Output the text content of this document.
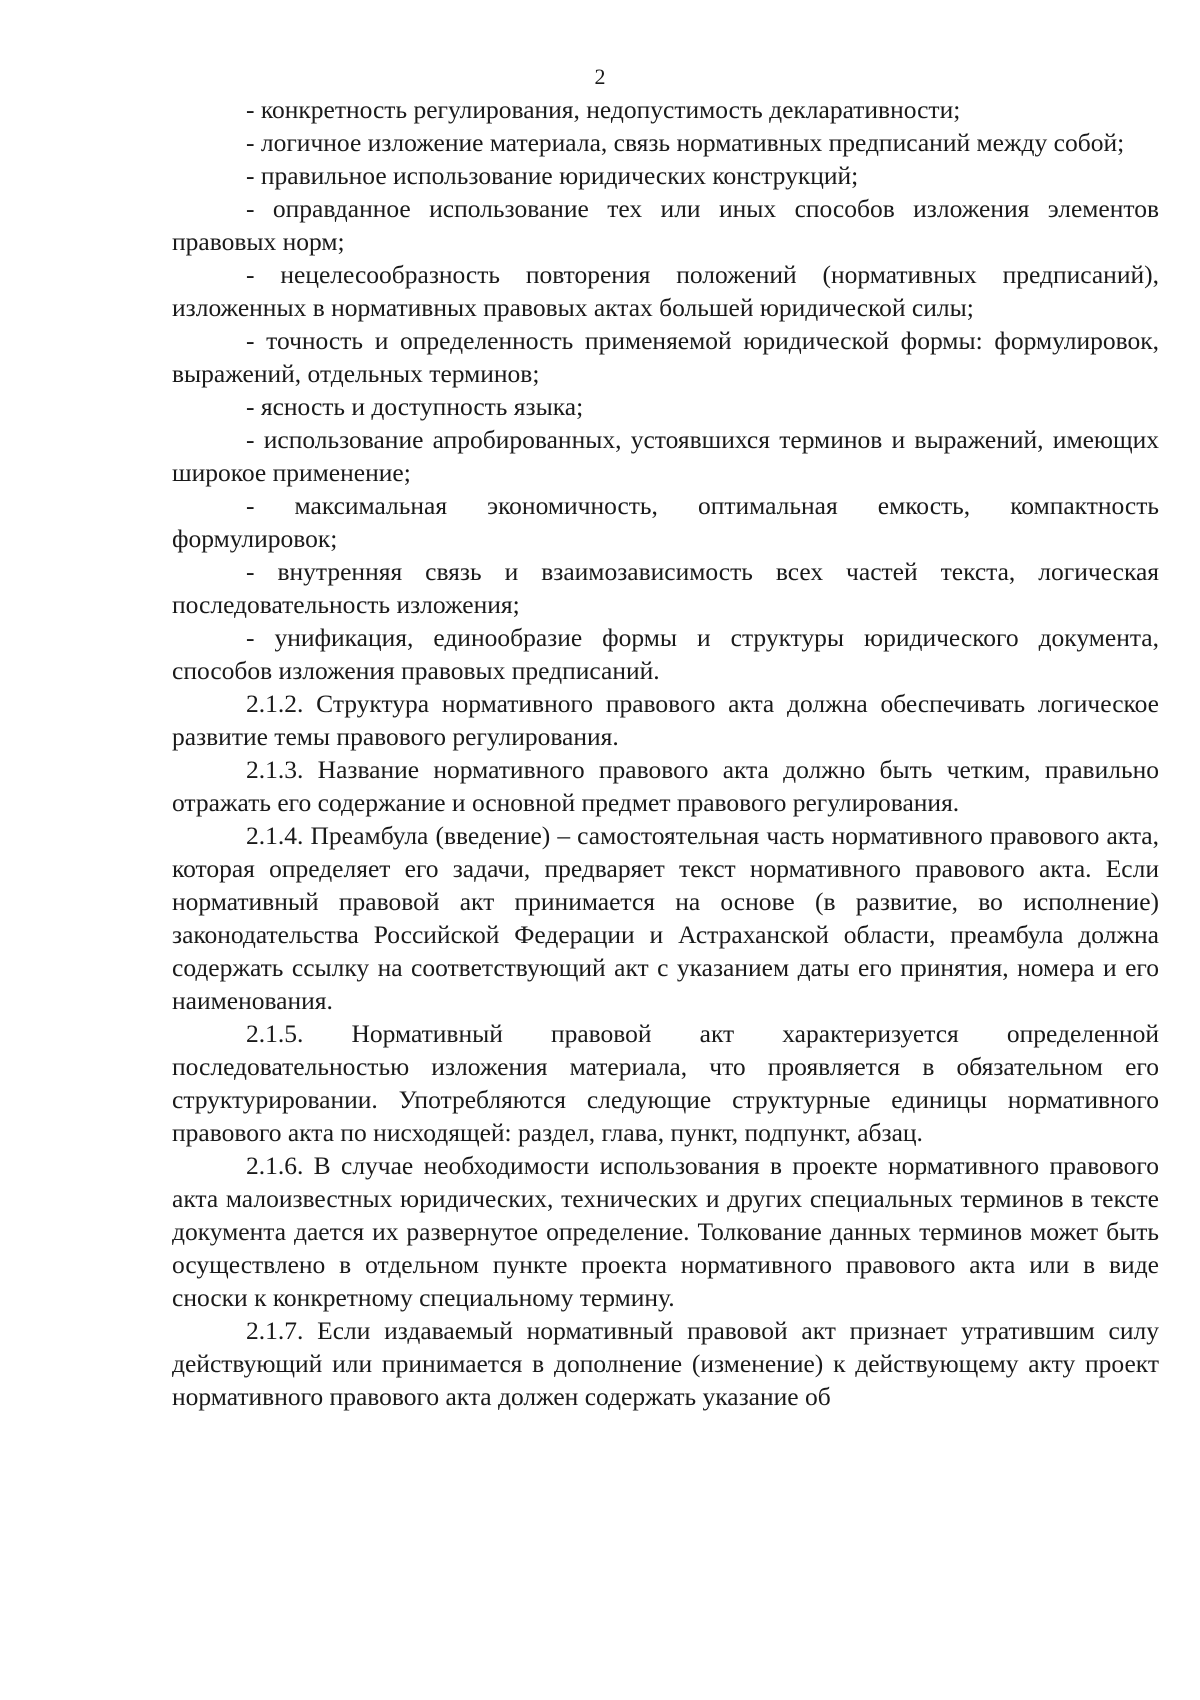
2

- конкретность регулирования, недопустимость декларативности;

- логичное изложение материала, связь нормативных предписаний между собой;

- правильное использование юридических конструкций;

- оправданное использование тех или иных способов изложения элементов правовых норм;

- нецелесообразность повторения положений (нормативных предписаний), изложенных в нормативных правовых актах большей юридической силы;

- точность и определенность применяемой юридической формы: формулировок, выражений, отдельных терминов;

- ясность и доступность языка;

- использование апробированных, устоявшихся терминов и выражений, имеющих широкое применение;

- максимальная экономичность, оптимальная емкость, компактность формулировок;

- внутренняя связь и взаимозависимость всех частей текста, логическая последовательность изложения;

- унификация, единообразие формы и структуры юридического документа, способов изложения правовых предписаний.

2.1.2. Структура нормативного правового акта должна обеспечивать логическое развитие темы правового регулирования.

2.1.3. Название нормативного правового акта должно быть четким, правильно отражать его содержание и основной предмет правового регулирования.

2.1.4. Преамбула (введение) – самостоятельная часть нормативного правового акта, которая определяет его задачи, предваряет текст нормативного правового акта. Если нормативный правовой акт принимается на основе (в развитие, во исполнение) законодательства Российской Федерации и Астраханской области, преамбула должна содержать ссылку на соответствующий акт с указанием даты его принятия, номера и его наименования.

2.1.5. Нормативный правовой акт характеризуется определенной последовательностью изложения материала, что проявляется в обязательном его структурировании. Употребляются следующие структурные единицы нормативного правового акта по нисходящей: раздел, глава, пункт, подпункт, абзац.

2.1.6. В случае необходимости использования в проекте нормативного правового акта малоизвестных юридических, технических и других специальных терминов в тексте документа дается их развернутое определение. Толкование данных терминов может быть осуществлено в отдельном пункте проекта нормативного правового акта или в виде сноски к конкретному специальному термину.

2.1.7. Если издаваемый нормативный правовой акт признает утратившим силу действующий или принимается в дополнение (изменение) к действующему акту проект нормативного правового акта должен содержать указание об
